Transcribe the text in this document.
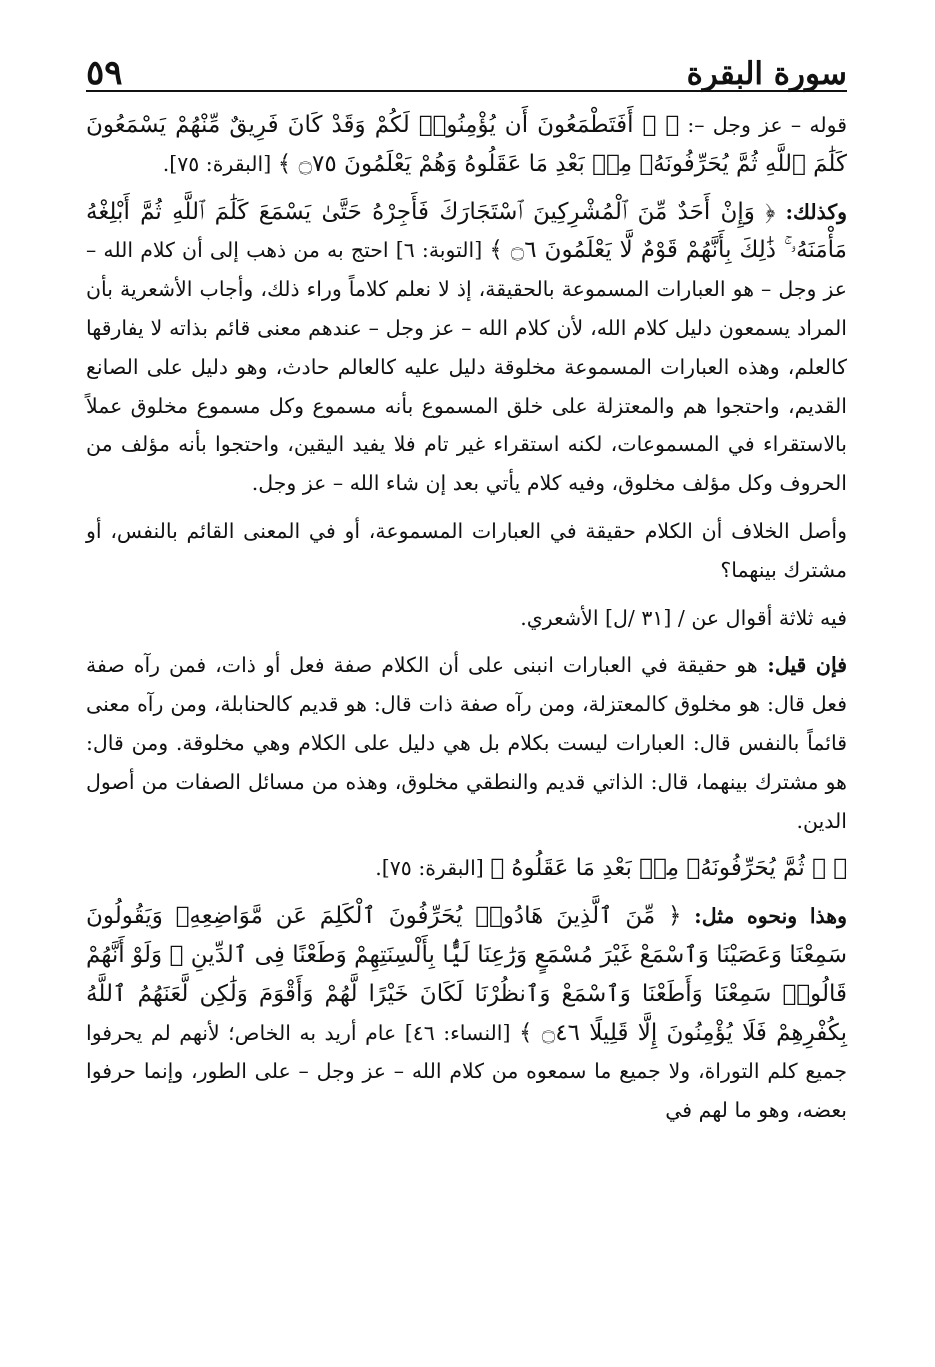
سورة البقرة
٥٩

قوله – عز وجل –: ﴿ ۞ أَفَتَطْمَعُونَ أَن يُؤْمِنُوا۟ لَكُمْ وَقَدْ كَانَ فَرِيقٌ مِّنْهُمْ يَسْمَعُونَ كَلَٰمَ ٱللَّهِ ثُمَّ يُحَرِّفُونَهُۥ مِنۢ بَعْدِ مَا عَقَلُوهُ وَهُمْ يَعْلَمُونَ ۝٧٥ ﴾ [البقرة: ٧٥].

وكذلك: ﴿ وَإِنْ أَحَدٌ مِّنَ ٱلْمُشْرِكِينَ ٱسْتَجَارَكَ فَأَجِرْهُ حَتَّىٰ يَسْمَعَ كَلَٰمَ ٱللَّهِ ثُمَّ أَبْلِغْهُ مَأْمَنَهُۥ ۚ ذَٰلِكَ بِأَنَّهُمْ قَوْمٌ لَّا يَعْلَمُونَ ۝٦ ﴾ [التوبة: ٦] احتج به من ذهب إلى أن كلام الله – عز وجل – هو العبارات المسموعة بالحقيقة، إذ لا نعلم كلاماً وراء ذلك، وأجاب الأشعرية بأن المراد يسمعون دليل كلام الله، لأن كلام الله – عز وجل – عندهم معنى قائم بذاته لا يفارقها كالعلم، وهذه العبارات المسموعة مخلوقة دليل عليه كالعالم حادث، وهو دليل على الصانع القديم، واحتجوا هم والمعتزلة على خلق المسموع بأنه مسموع وكل مسموع مخلوق عملاً بالاستقراء في المسموعات، لكنه استقراء غير تام فلا يفيد اليقين، واحتجوا بأنه مؤلف من الحروف وكل مؤلف مخلوق، وفيه كلام يأتي بعد إن شاء الله – عز وجل.

وأصل الخلاف أن الكلام حقيقة في العبارات المسموعة، أو في المعنى القائم بالنفس، أو مشترك بينهما؟

فيه ثلاثة أقوال عن / [٣١ /ل] الأشعري.

فإن قيل: هو حقيقة في العبارات انبنى على أن الكلام صفة فعل أو ذات، فمن رآه صفة فعل قال: هو مخلوق كالمعتزلة، ومن رآه صفة ذات قال: هو قديم كالحنابلة، ومن رآه معنى قائماً بالنفس قال: العبارات ليست بكلام بل هي دليل على الكلام وهي مخلوقة. ومن قال: هو مشترك بينهما، قال: الذاتي قديم والنطقي مخلوق، وهذه من مسائل الصفات من أصول الدين.

﴿ ۞ ثُمَّ يُحَرِّفُونَهُۥ مِنۢ بَعْدِ مَا عَقَلُوهُ ﴾ [البقرة: ٧٥].

وهذا ونحوه مثل: ﴿ مِّنَ ٱلَّذِينَ هَادُوا۟ يُحَرِّفُونَ ٱلْكَلِمَ عَن مَّوَاضِعِهِۦ وَيَقُولُونَ سَمِعْنَا وَعَصَيْنَا وَٱسْمَعْ غَيْرَ مُسْمَعٍ وَرَٰعِنَا لَيًّۢا بِأَلْسِنَتِهِمْ وَطَعْنًا فِى ٱلدِّينِ ۚ وَلَوْ أَنَّهُمْ قَالُوا۟ سَمِعْنَا وَأَطَعْنَا وَٱسْمَعْ وَٱنظُرْنَا لَكَانَ خَيْرًا لَّهُمْ وَأَقْوَمَ وَلَٰكِن لَّعَنَهُمُ ٱللَّهُ بِكُفْرِهِمْ فَلَا يُؤْمِنُونَ إِلَّا قَلِيلًا ۝٤٦ ﴾ [النساء: ٤٦] عام أريد به الخاص؛ لأنهم لم يحرفوا جميع كلم التوراة، ولا جميع ما سمعوه من كلام الله – عز وجل – على الطور، وإنما حرفوا بعضه، وهو ما لهم في
